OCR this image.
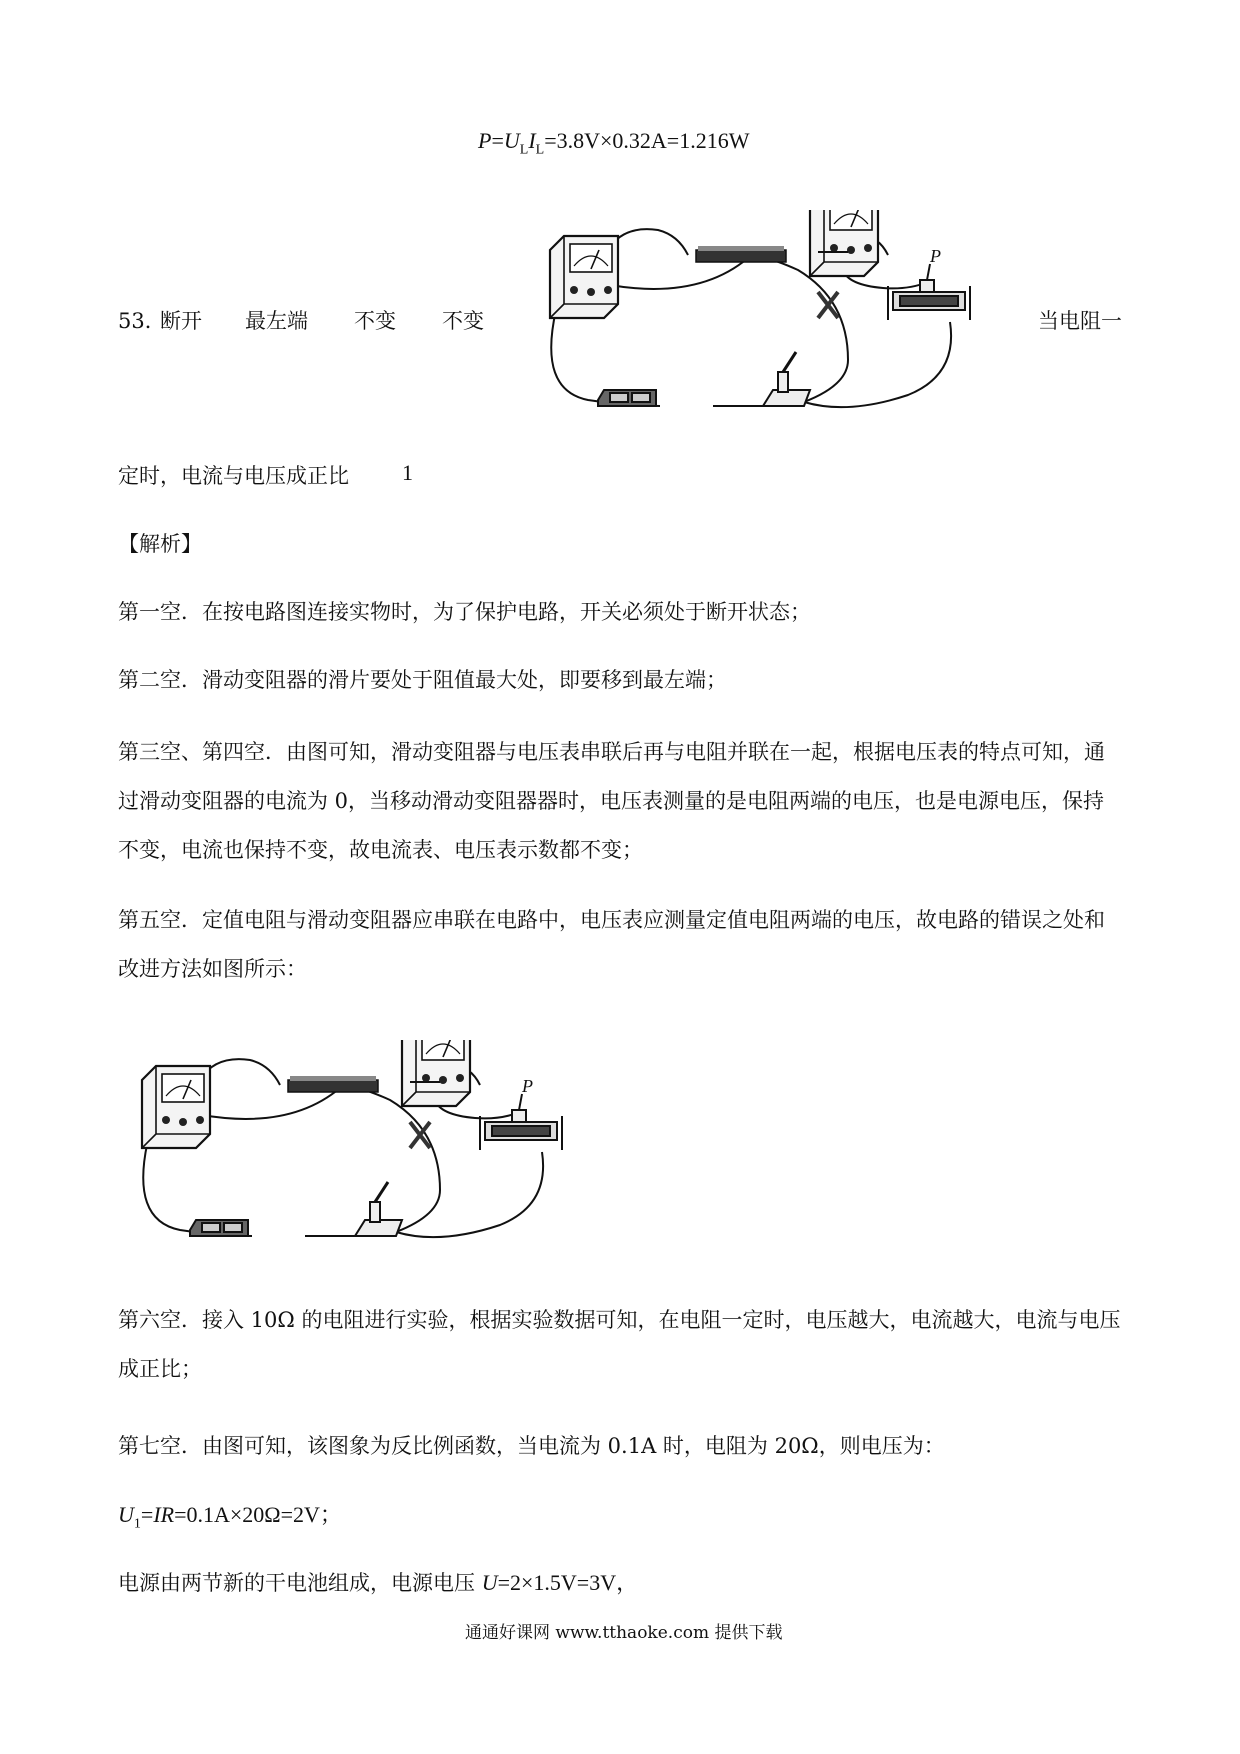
$P=U_LI_L=3.8V\times 0.32A=1.216W$
53．
断开 最左端 不变 不变	当电阻一
定时，电流与电压成正比 1
P
【解析】
第一空．在按电路图连接实物时，为了保护电路，开关必须处于断开状态；
第二空．滑动变阻器的滑片要处于阻值最大处，即要移到最左端；
第三空、第四空．由图可知，滑动变阻器与电压表串联后再与电阻并联在一起，根据电压表的特点可知，通过滑动变阻器的电流为 0，当移动滑动变阻器器时，电压表测量的是电阻两端的电压，也是电源电压，保持不变，电流也保持不变，故电流表、电压表示数都不变；
第五空．定值电阻与滑动变阻器应串联在电路中，电压表应测量定值电阻两端的电压，故电路的错误之处和改进方法如图所示：
P
第六空．接入 10Ω 的电阻进行实验，根据实验数据可知，在电阻一定时，电压越大，电流越大，电流与电压成正比；
第七空．由图可知，该图象为反比例函数，当电流为 0.1A 时，电阻为 20Ω，则电压为：
$U_1=IR=0.1A\times 20\Omega=2V$；
电源由两节新的干电池组成，电源电压 U=2×1.5V=3V，
通通好课网 www.tthaoke.com 提供下载
